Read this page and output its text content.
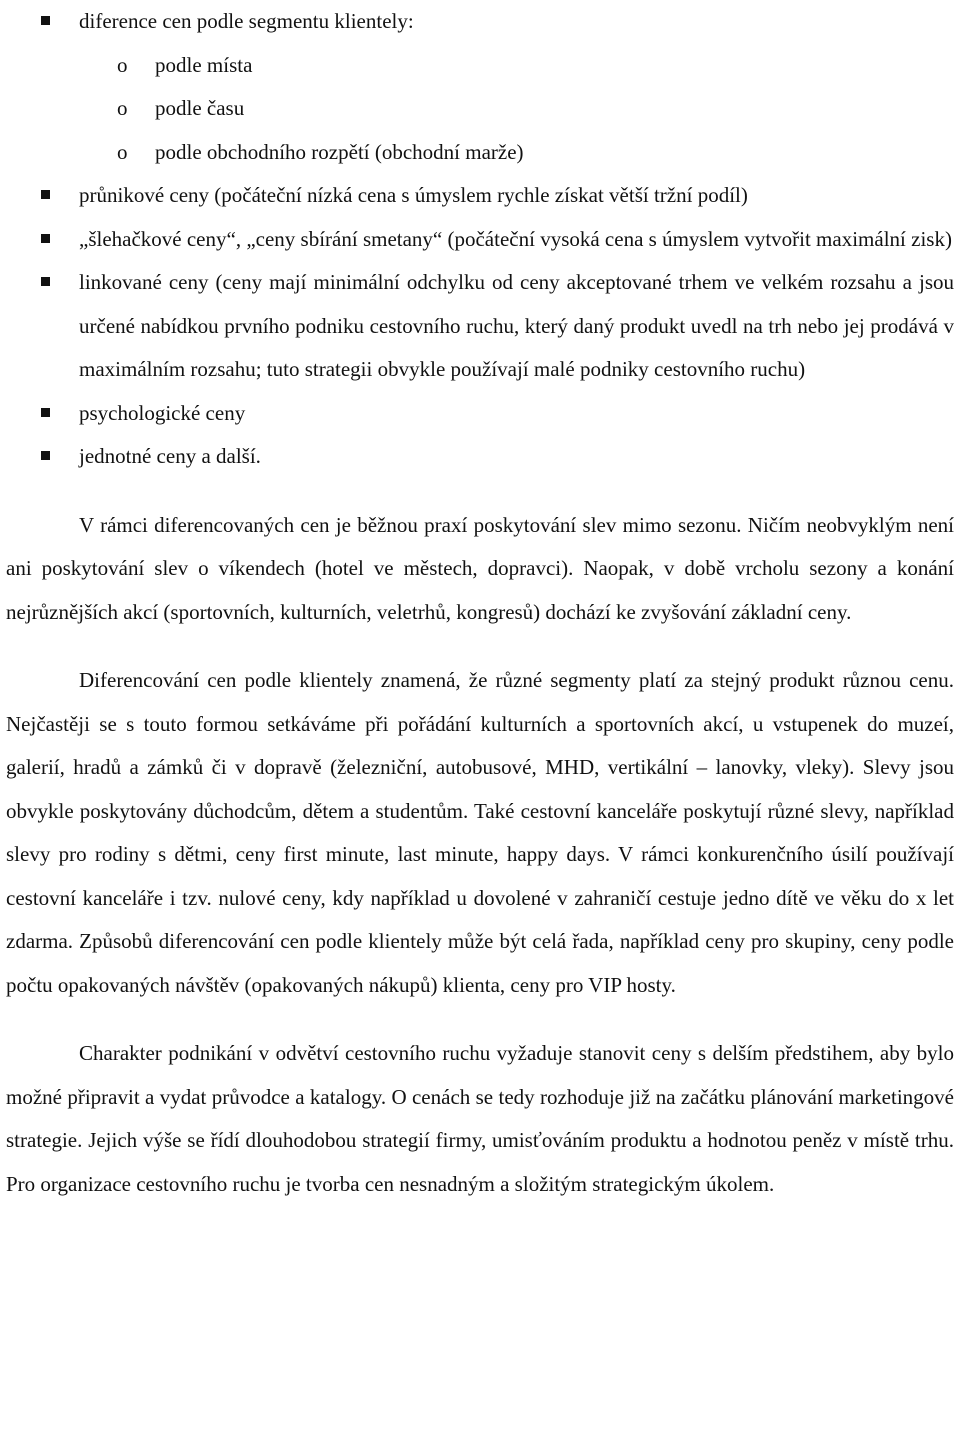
diference cen podle segmentu klientely:
o podle místa
o podle času
o podle obchodního rozpětí (obchodní marže)
průnikové ceny (počáteční nízká cena s úmyslem rychle získat větší tržní podíl)
„šlehačkové ceny“, „ceny sbírání smetany“ (počáteční vysoká cena s úmyslem vytvořit maximální zisk)
linkované ceny (ceny mají minimální odchylku od ceny akceptované trhem ve velkém rozsahu a jsou určené nabídkou prvního podniku cestovního ruchu, který daný produkt uvedl na trh nebo jej prodává v maximálním rozsahu; tuto strategii obvykle používají malé podniky cestovního ruchu)
psychologické ceny
jednotné ceny a další.

V rámci diferencovaných cen je běžnou praxí poskytování slev mimo sezonu. Ničím neobvyklým není ani poskytování slev o víkendech (hotel ve městech, dopravci). Naopak, v době vrcholu sezony a konání nejrůznějších akcí (sportovních, kulturních, veletrhů, kongresů) dochází ke zvyšování základní ceny.

Diferencování cen podle klientely znamená, že různé segmenty platí za stejný produkt různou cenu. Nejčastěji se s touto formou setkáváme při pořádání kulturních a sportovních akcí, u vstupenek do muzeí, galerií, hradů a zámků či v dopravě (železniční, autobusové, MHD, vertikální – lanovky, vleky). Slevy jsou obvykle poskytovány důchodcům, dětem a studentům. Také cestovní kanceláře poskytují různé slevy, například slevy pro rodiny s dětmi, ceny first minute, last minute, happy days. V rámci konkurenčního úsilí používají cestovní kanceláře i tzv. nulové ceny, kdy například u dovolené v zahraničí cestuje jedno dítě ve věku do x let zdarma. Způsobů diferencování cen podle klientely může být celá řada, například ceny pro skupiny, ceny podle počtu opakovaných návštěv (opakovaných nákupů) klienta, ceny pro VIP hosty.

Charakter podnikání v odvětví cestovního ruchu vyžaduje stanovit ceny s delším předstihem, aby bylo možné připravit a vydat průvodce a katalogy. O cenách se tedy rozhoduje již na začátku plánování marketingové strategie. Jejich výše se řídí dlouhodobou strategií firmy, umisťováním produktu a hodnotou peněz v místě trhu. Pro organizace cestovního ruchu je tvorba cen nesnadným a složitým strategickým úkolem.
